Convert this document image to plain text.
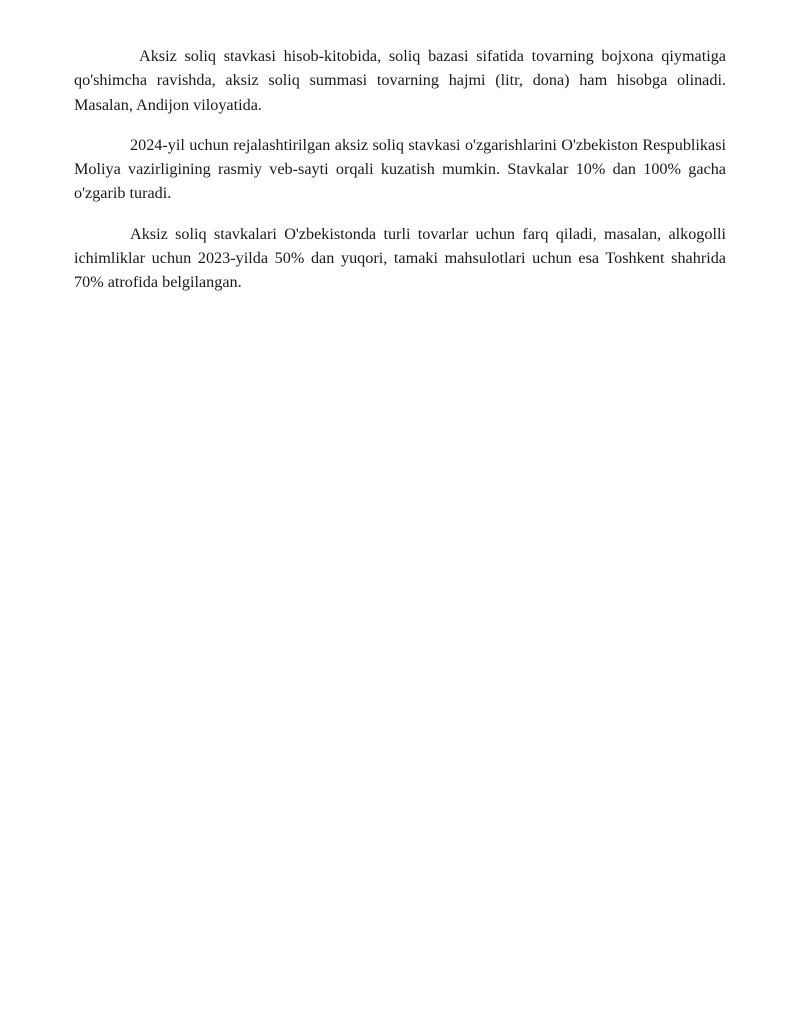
Aksiz soliq stavkasi hisob-kitobida, soliq bazasi sifatida tovarning bojxona qiymatiga qo'shimcha ravishda, aksiz soliq summasi tovarning hajmi (litr, dona) ham hisobga olinadi. Masalan, Andijon viloyatida.

2024-yil uchun rejalashtirilgan aksiz soliq stavkasi o'zgarishlarini O'zbekiston Respublikasi Moliya vazirligining rasmiy veb-sayti orqali kuzatish mumkin. Stavkalar 10% dan 100% gacha o'zgarib turadi.

Aksiz soliq stavkalari O'zbekistonda turli tovarlar uchun farq qiladi, masalan, alkogolli ichimliklar uchun 2023-yilda 50% dan yuqori, tamaki mahsulotlari uchun esa Toshkent shahrida 70% atrofida belgilangan.
